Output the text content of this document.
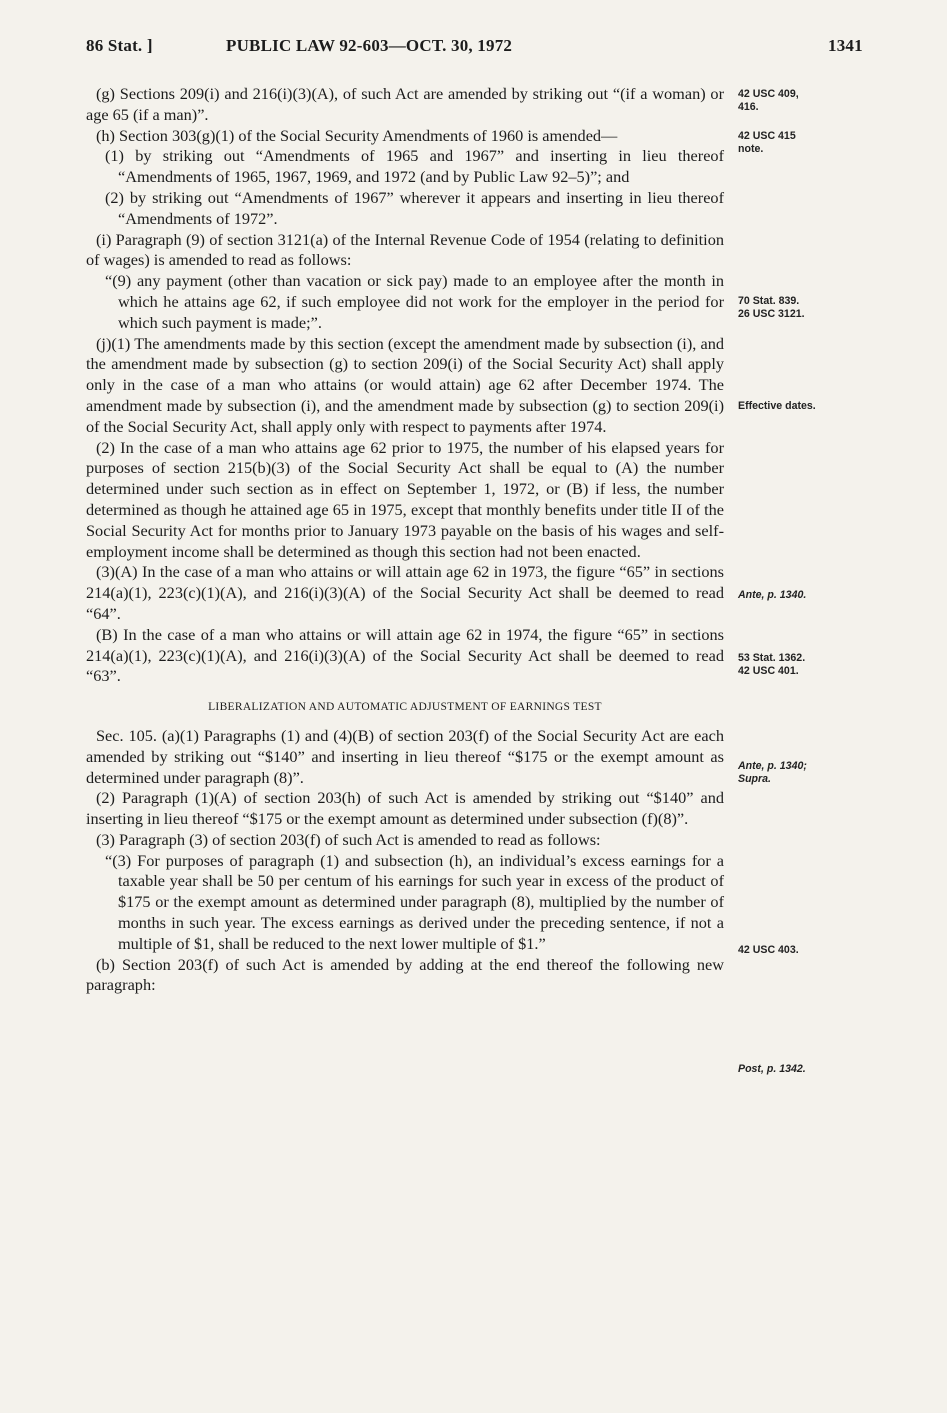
86 Stat. ]	PUBLIC LAW 92-603—OCT. 30, 1972	1341

(g) Sections 209(i) and 216(i)(3)(A), of such Act are amended by striking out “(if a woman) or age 65 (if a man)”.

(h) Section 303(g)(1) of the Social Security Amendments of 1960 is amended—

(1) by striking out “Amendments of 1965 and 1967” and inserting in lieu thereof “Amendments of 1965, 1967, 1969, and 1972 (and by Public Law 92–5)”; and

(2) by striking out “Amendments of 1967” wherever it appears and inserting in lieu thereof “Amendments of 1972”.

(i) Paragraph (9) of section 3121(a) of the Internal Revenue Code of 1954 (relating to definition of wages) is amended to read as follows:

“(9) any payment (other than vacation or sick pay) made to an employee after the month in which he attains age 62, if such employee did not work for the employer in the period for which such payment is made;”.

(j)(1) The amendments made by this section (except the amendment made by subsection (i), and the amendment made by subsection (g) to section 209(i) of the Social Security Act) shall apply only in the case of a man who attains (or would attain) age 62 after December 1974. The amendment made by subsection (i), and the amendment made by subsection (g) to section 209(i) of the Social Security Act, shall apply only with respect to payments after 1974.

(2) In the case of a man who attains age 62 prior to 1975, the number of his elapsed years for purposes of section 215(b)(3) of the Social Security Act shall be equal to (A) the number determined under such section as in effect on September 1, 1972, or (B) if less, the number determined as though he attained age 65 in 1975, except that monthly benefits under title II of the Social Security Act for months prior to January 1973 payable on the basis of his wages and self-employment income shall be determined as though this section had not been enacted.

(3)(A) In the case of a man who attains or will attain age 62 in 1973, the figure “65” in sections 214(a)(1), 223(c)(1)(A), and 216(i)(3)(A) of the Social Security Act shall be deemed to read “64”.

(B) In the case of a man who attains or will attain age 62 in 1974, the figure “65” in sections 214(a)(1), 223(c)(1)(A), and 216(i)(3)(A) of the Social Security Act shall be deemed to read “63”.

LIBERALIZATION AND AUTOMATIC ADJUSTMENT OF EARNINGS TEST

Sec. 105. (a)(1) Paragraphs (1) and (4)(B) of section 203(f) of the Social Security Act are each amended by striking out “$140” and inserting in lieu thereof “$175 or the exempt amount as determined under paragraph (8)”.

(2) Paragraph (1)(A) of section 203(h) of such Act is amended by striking out “$140” and inserting in lieu thereof “$175 or the exempt amount as determined under subsection (f)(8)”.

(3) Paragraph (3) of section 203(f) of such Act is amended to read as follows:

“(3) For purposes of paragraph (1) and subsection (h), an individual’s excess earnings for a taxable year shall be 50 per centum of his earnings for such year in excess of the product of $175 or the exempt amount as determined under paragraph (8), multiplied by the number of months in such year. The excess earnings as derived under the preceding sentence, if not a multiple of $1, shall be reduced to the next lower multiple of $1.”

(b) Section 203(f) of such Act is amended by adding at the end thereof the following new paragraph:

42 USC 409,
416.
42 USC 415
note.
70 Stat. 839.
26 USC 3121.
Effective dates.
Ante, p. 1340.
53 Stat. 1362.
42 USC 401.
Ante, p. 1340;
Supra.
42 USC 403.
Post, p. 1342.
